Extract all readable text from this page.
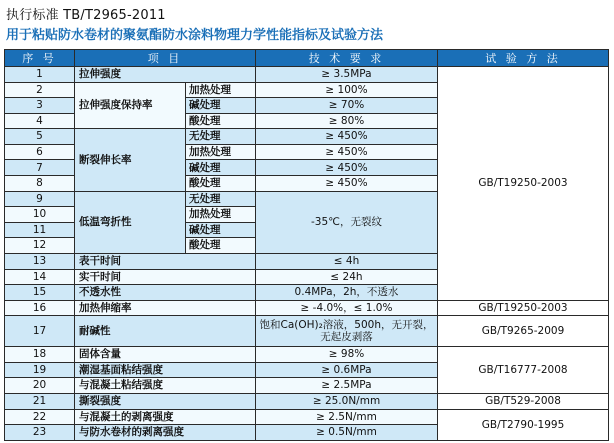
执行标准 TB/T2965-2011
用于粘贴防水卷材的聚氨酯防水涂料物理力学性能指标及试验方法
序 号	项 目		技 术 要 求	试 验 方 法
1	拉伸强度		≥ 3.5MPa	GB/T19250-2003
2	拉伸强度保持率	加热处理	≥ 100%	
3		碱处理	≥ 70%	
4		酸处理	≥ 80%	
5	断裂伸长率	无处理	≥ 450%	
6		加热处理	≥ 450%	
7		碱处理	≥ 450%	
8		酸处理	≥ 450%	
9	低温弯折性	无处理	-35℃，无裂纹	
10		加热处理		
11		碱处理		
12		酸处理		
13	表干时间		≤ 4h	
14	实干时间		≤ 24h	
15	不透水性		0.4MPa，2h，不透水	
16	加热伸缩率		≥ -4.0%，≤ 1.0%	GB/T19250-2003
17	耐碱性		饱和Ca(OH)₂溶液，500h，无开裂，无起皮剥落	GB/T9265-2009
18	固体含量		≥ 98%	GB/T16777-2008
19	潮湿基面粘结强度		≥ 0.6MPa	
20	与混凝土粘结强度		≥ 2.5MPa	
21	撕裂强度		≥ 25.0N/mm	GB/T529-2008
22	与混凝土的剥离强度		≥ 2.5N/mm	GB/T2790-1995
23	与防水卷材的剥离强度		≥ 0.5N/mm	
